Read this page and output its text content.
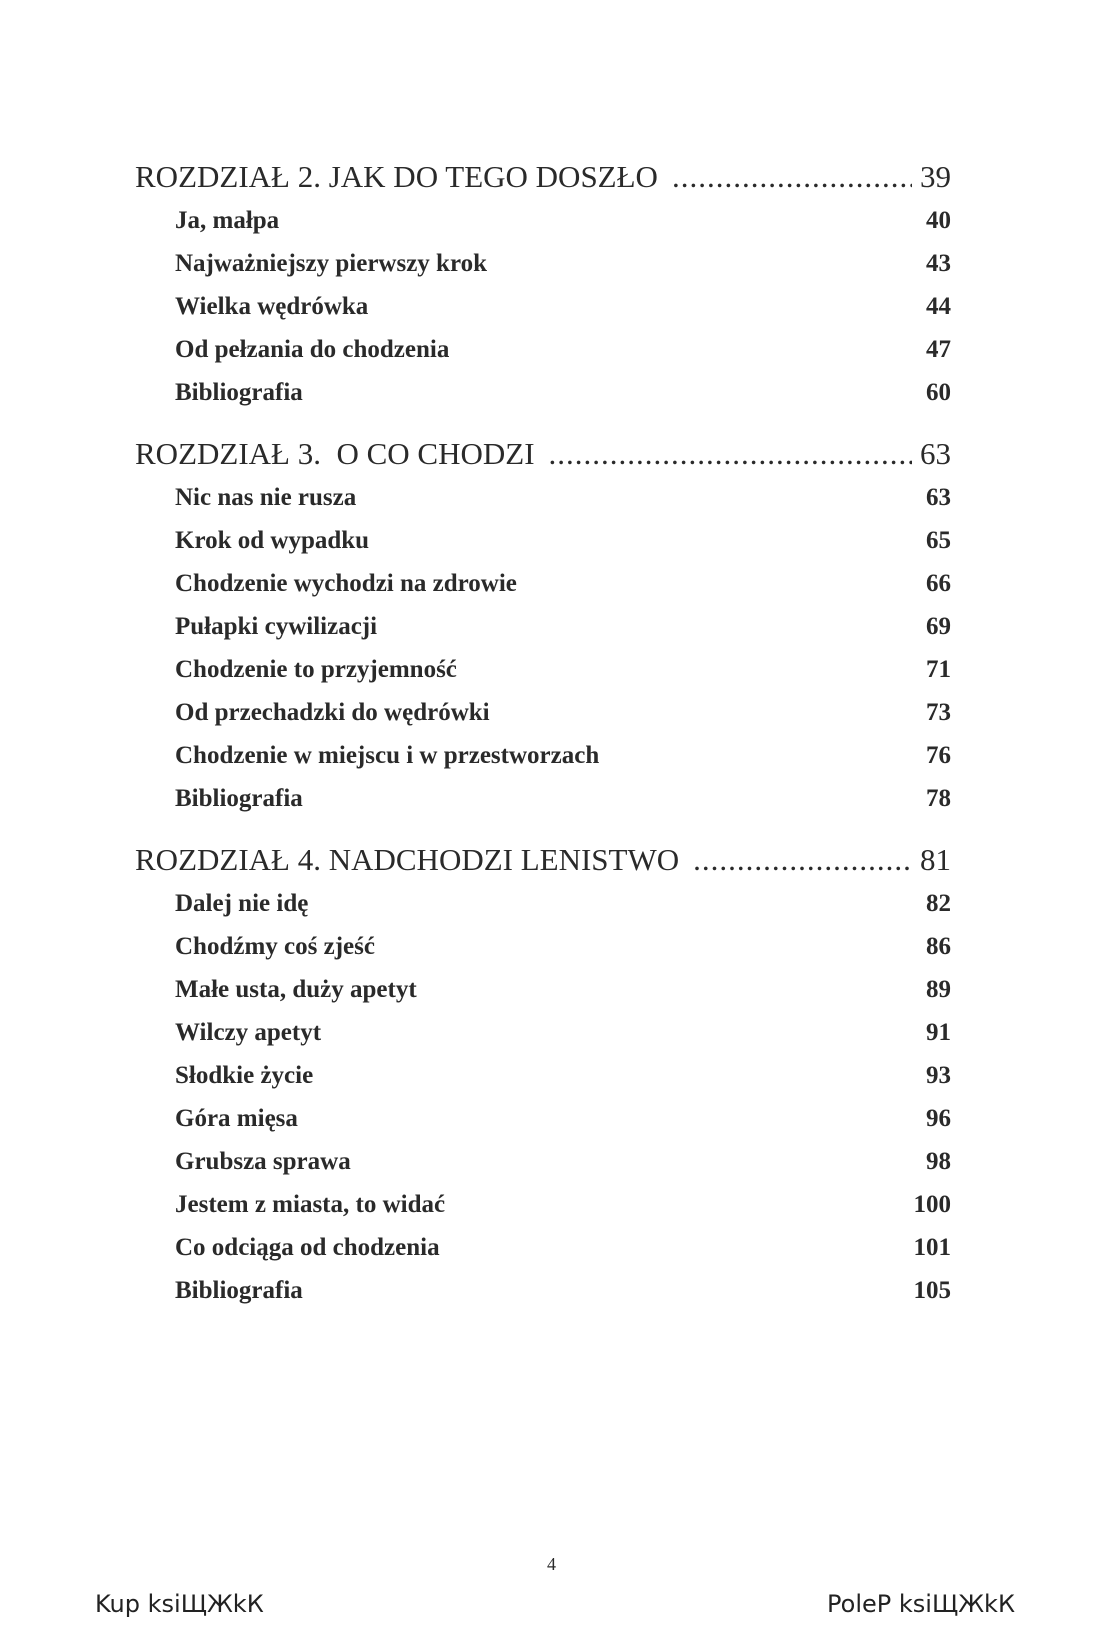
ROZDZIAŁ 2. JAK DO TEGO DOSZŁO .....	39
Ja, małpa	40
Najważniejszy pierwszy krok	43
Wielka wędrówka	44
Od pełzania do chodzenia	47
Bibliografia	60
ROZDZIAŁ 3.  O CO CHODZI .....	63
Nic nas nie rusza	63
Krok od wypadku	65
Chodzenie wychodzi na zdrowie	66
Pułapki cywilizacji	69
Chodzenie to przyjemność	71
Od przechadzki do wędrówki	73
Chodzenie w miejscu i w przestworzach	76
Bibliografia	78
ROZDZIAŁ 4. NADCHODZI LENISTWO .....	81
Dalej nie idę	82
Chodźmy coś zjeść	86
Małe usta, duży apetyt	89
Wilczy apetyt	91
Słodkie życie	93
Góra mięsa	96
Grubsza sprawa	98
Jestem z miasta, to widać	100
Co odciąga od chodzenia	101
Bibliografia	105
4
Kup ksiЩЖkК	PoleР ksiЩЖkК
